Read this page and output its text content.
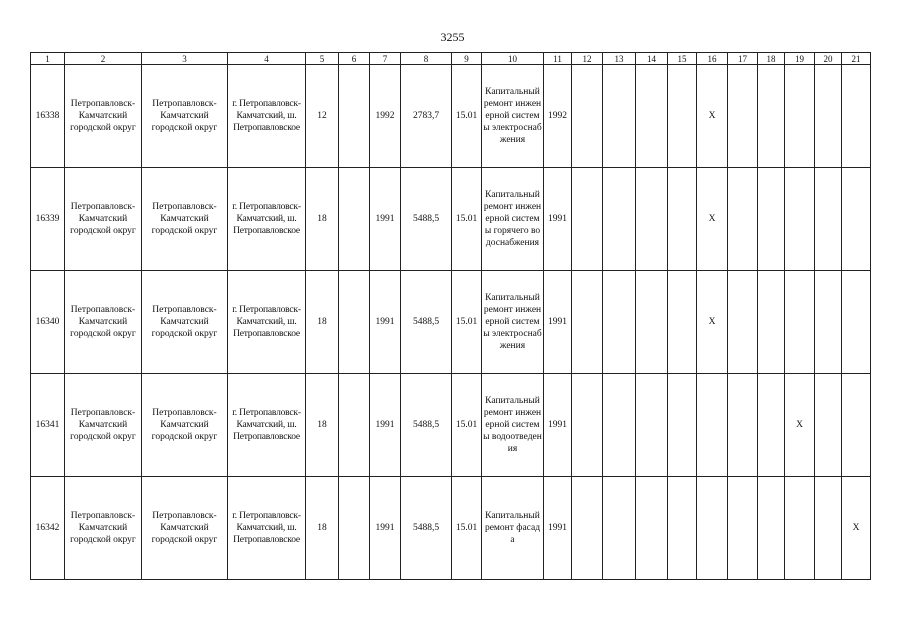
3255
1	2	3	4	5	6	7	8	9	10	11	12	13	14	15	16	17	18	19	20	21
16338	Петропавловск-Камчатский городской округ	Петропавловск-Камчатский городской округ	г. Петропавловск-Камчатский, ш. Петропавловское	12		1992	2783,7	15.01	Капитальный ремонт инженерной системы электроснабжения	1992					X					
16339	Петропавловск-Камчатский городской округ	Петропавловск-Камчатский городской округ	г. Петропавловск-Камчатский, ш. Петропавловское	18		1991	5488,5	15.01	Капитальный ремонт инженерной системы горячего водоснабжения	1991					X					
16340	Петропавловск-Камчатский городской округ	Петропавловск-Камчатский городской округ	г. Петропавловск-Камчатский, ш. Петропавловское	18		1991	5488,5	15.01	Капитальный ремонт инженерной системы электроснабжения	1991					X					
16341	Петропавловск-Камчатский городской округ	Петропавловск-Камчатский городской округ	г. Петропавловск-Камчатский, ш. Петропавловское	18		1991	5488,5	15.01	Капитальный ремонт инженерной системы водоотведения	1991								X		
16342	Петропавловск-Камчатский городской округ	Петропавловск-Камчатский городской округ	г. Петропавловск-Камчатский, ш. Петропавловское	18		1991	5488,5	15.01	Капитальный ремонт фасада	1991										X
